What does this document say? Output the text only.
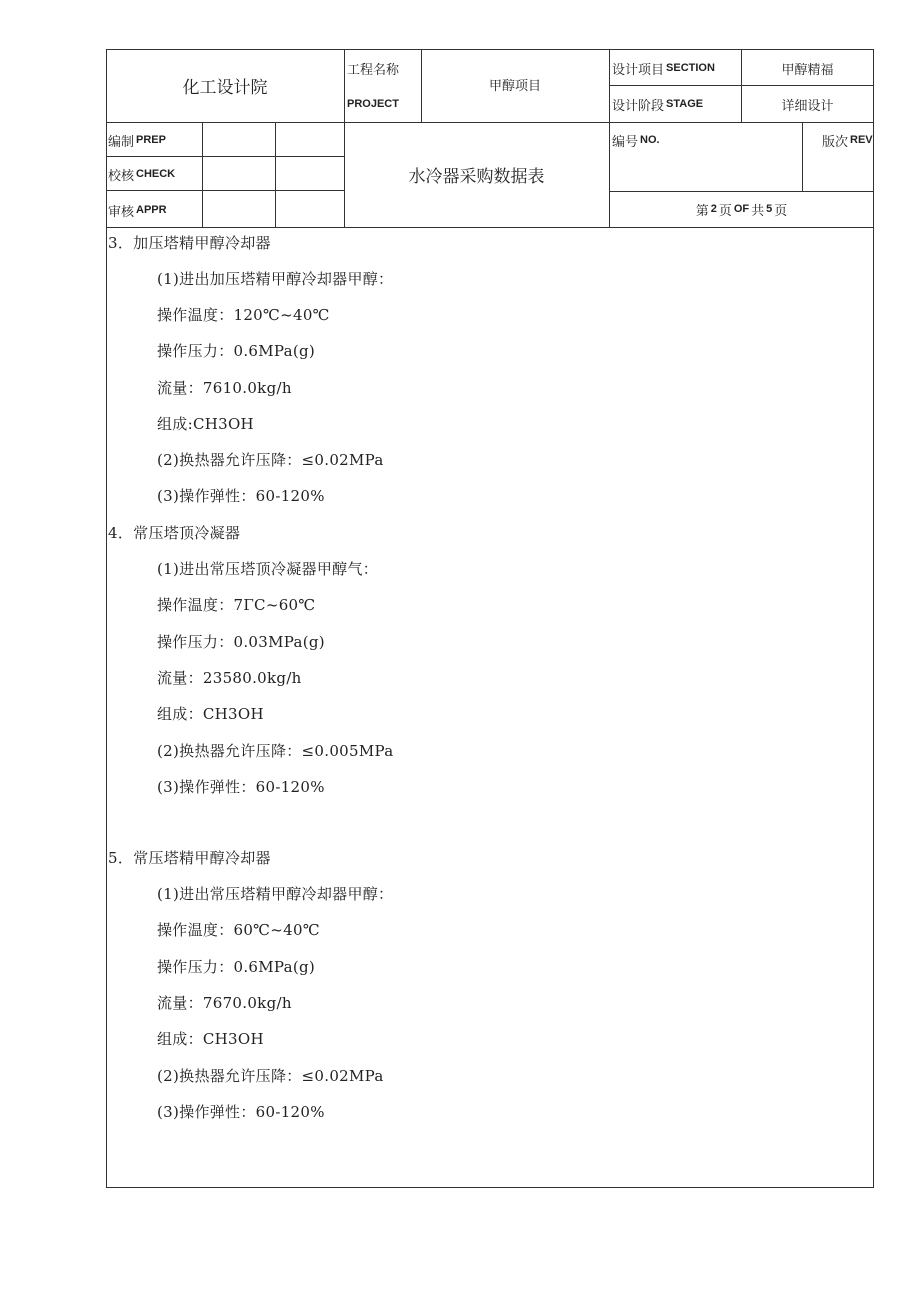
化工设计院
工程名称
PROJECT
甲醇项目
设计项目 SECTION	甲醇精福
设计阶段 STAGE	详细设计
编制 PREP
校核 CHECK
审核 APPR
水冷器采购数据表
编号 NO.	版次 REV
第 2 页 OF 共 5 页
3．加压塔精甲醇冷却器
(1)进出加压塔精甲醇冷却器甲醇：
操作温度：120℃~40℃
操作压力：0.6MPa(g)
流量：7610.0kg/h
组成:CH3OH
(2)换热器允许压降：≤0.02MPa
(3)操作弹性：60-120%
4．常压塔顶冷凝器
(1)进出常压塔顶冷凝器甲醇气：
操作温度：7ΓC~60℃
操作压力：0.03MPa(g)
流量：23580.0kg/h
组成：CH3OH
(2)换热器允许压降：≤0.005MPa
(3)操作弹性：60-120%
5．常压塔精甲醇冷却器
(1)进出常压塔精甲醇冷却器甲醇：
操作温度：60℃~40℃
操作压力：0.6MPa(g)
流量：7670.0kg/h
组成：CH3OH
(2)换热器允许压降：≤0.02MPa
(3)操作弹性：60-120%
